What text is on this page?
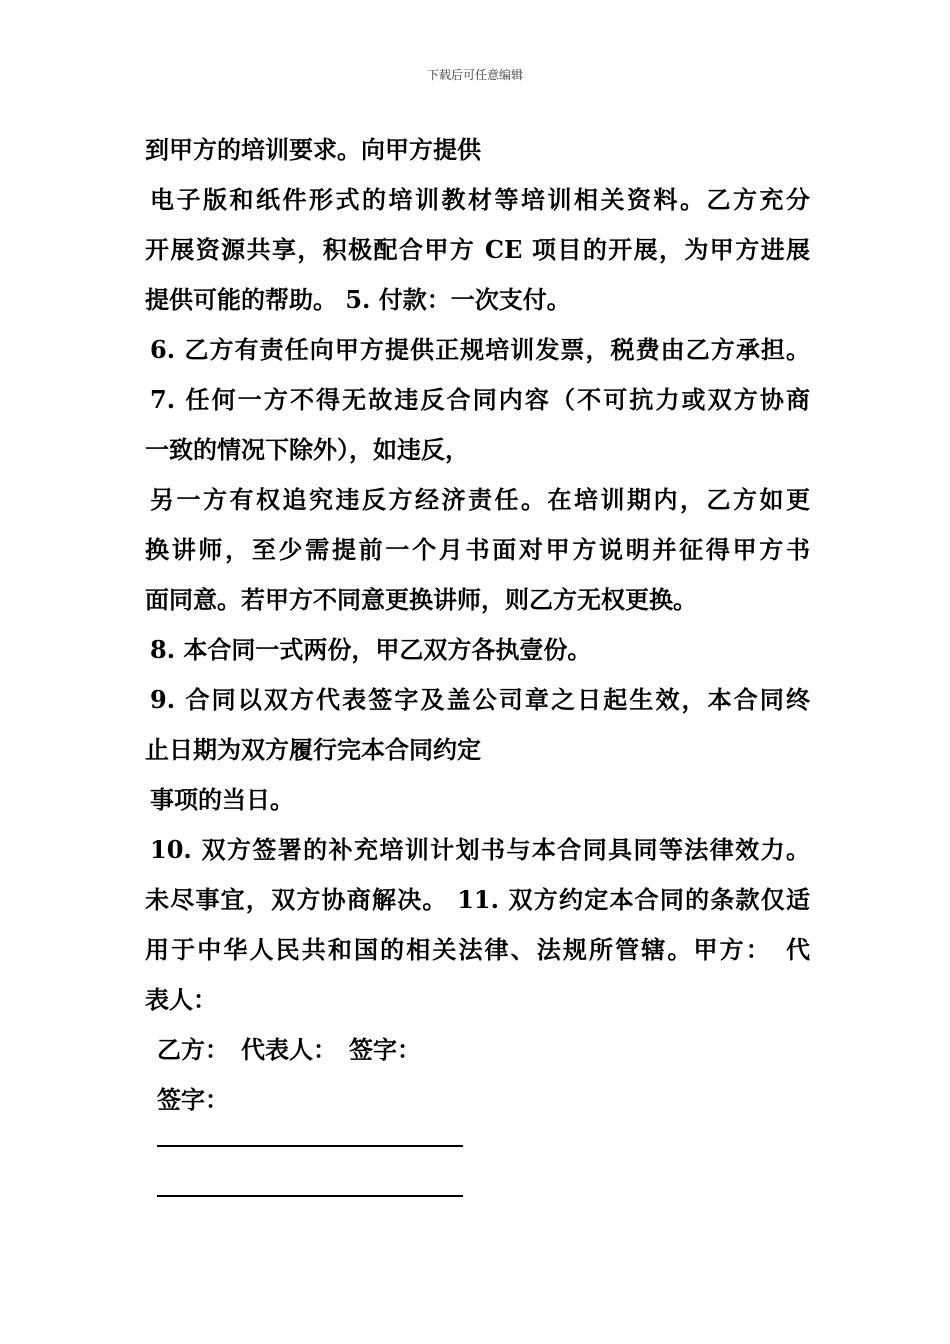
下载后可任意编辑
到甲方的培训要求。向甲方提供
电子版和纸件形式的培训教材等培训相关资料。乙方充分
开展资源共享，积极配合甲方 CE 项目的开展，为甲方进展
提供可能的帮助。 5. 付款：一次支付。
6. 乙方有责任向甲方提供正规培训发票，税费由乙方承担。
7. 任何一方不得无故违反合同内容（不可抗力或双方协商
一致的情况下除外），如违反，
另一方有权追究违反方经济责任。在培训期内，乙方如更
换讲师，至少需提前一个月书面对甲方说明并征得甲方书
面同意。若甲方不同意更换讲师，则乙方无权更换。
8. 本合同一式两份，甲乙双方各执壹份。
9. 合同以双方代表签字及盖公司章之日起生效，本合同终
止日期为双方履行完本合同约定
事项的当日。
10. 双方签署的补充培训计划书与本合同具同等法律效力。
未尽事宜，双方协商解决。 11. 双方约定本合同的条款仅适
用于中华人民共和国的相关法律、法规所管辖。甲方：　代
表人：
乙方：　代表人：　签字：
签字：
